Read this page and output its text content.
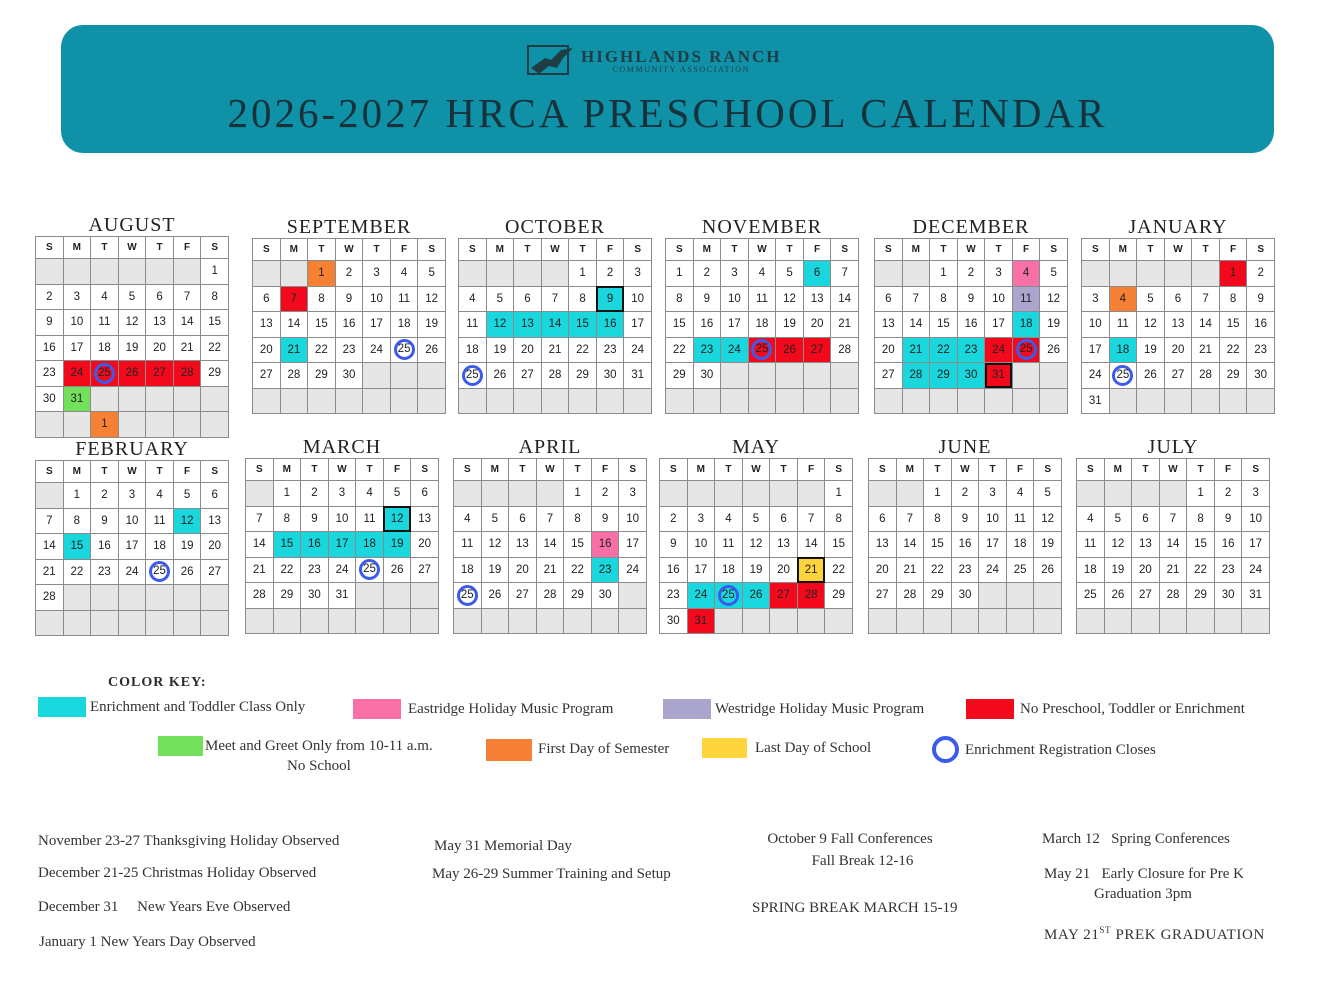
HIGHLANDS RANCH
COMMUNITY ASSOCIATION
2026-2027 HRCA PRESCHOOL CALENDAR
AUGUST
S	M	T	W	T	F	S
						1
2	3	4	5	6	7	8
9	10	11	12	13	14	15
16	17	18	19	20	21	22
23	24	25	26	27	28	29
30	31					
		1				
SEPTEMBER
S	M	T	W	T	F	S
		1	2	3	4	5
6	7	8	9	10	11	12
13	14	15	16	17	18	19
20	21	22	23	24	25	26
27	28	29	30			

OCTOBER
S	M	T	W	T	F	S
				1	2	3
4	5	6	7	8	9	10
11	12	13	14	15	16	17
18	19	20	21	22	23	24
25	26	27	28	29	30	31

NOVEMBER
S	M	T	W	T	F	S
1	2	3	4	5	6	7
8	9	10	11	12	13	14
15	16	17	18	19	20	21
22	23	24	25	26	27	28
29	30					

DECEMBER
S	M	T	W	T	F	S
		1	2	3	4	5
6	7	8	9	10	11	12
13	14	15	16	17	18	19
20	21	22	23	24	25	26
27	28	29	30	31		

JANUARY
S	M	T	W	T	F	S
					1	2
3	4	5	6	7	8	9
10	11	12	13	14	15	16
17	18	19	20	21	22	23
24	25	26	27	28	29	30
31						
FEBRUARY
S	M	T	W	T	F	S
	1	2	3	4	5	6
7	8	9	10	11	12	13
14	15	16	17	18	19	20
21	22	23	24	25	26	27
28						

MARCH
S	M	T	W	T	F	S
	1	2	3	4	5	6
7	8	9	10	11	12	13
14	15	16	17	18	19	20
21	22	23	24	25	26	27
28	29	30	31			

APRIL
S	M	T	W	T	F	S
				1	2	3
4	5	6	7	8	9	10
11	12	13	14	15	16	17
18	19	20	21	22	23	24
25	26	27	28	29	30	

MAY
S	M	T	W	T	F	S
						1
2	3	4	5	6	7	8
9	10	11	12	13	14	15
16	17	18	19	20	21	22
23	24	25	26	27	28	29
30	31					
JUNE
S	M	T	W	T	F	S
		1	2	3	4	5
6	7	8	9	10	11	12
13	14	15	16	17	18	19
20	21	22	23	24	25	26
27	28	29	30			

JULY
S	M	T	W	T	F	S
				1	2	3
4	5	6	7	8	9	10
11	12	13	14	15	16	17
18	19	20	21	22	23	24
25	26	27	28	29	30	31

COLOR KEY:
Enrichment and Toddler Class Only	Eastridge Holiday Music Program	Westridge Holiday Music Program	No Preschool, Toddler or Enrichment
Meet and Greet Only from 10-11 a.m.
No School
First Day of Semester	Last Day of School	Enrichment Registration Closes
November 23-27 Thanksgiving Holiday Observed
December 21-25 Christmas Holiday Observed
December 31     New Years Eve Observed
January 1 New Years Day Observed
May 31 Memorial Day
May 26-29 Summer Training and Setup
October 9 Fall Conferences
Fall Break 12-16
SPRING BREAK MARCH 15-19
March 12   Spring Conferences
May 21   Early Closure for Pre K
Graduation 3pm
MAY 21ST PREK GRADUATION
